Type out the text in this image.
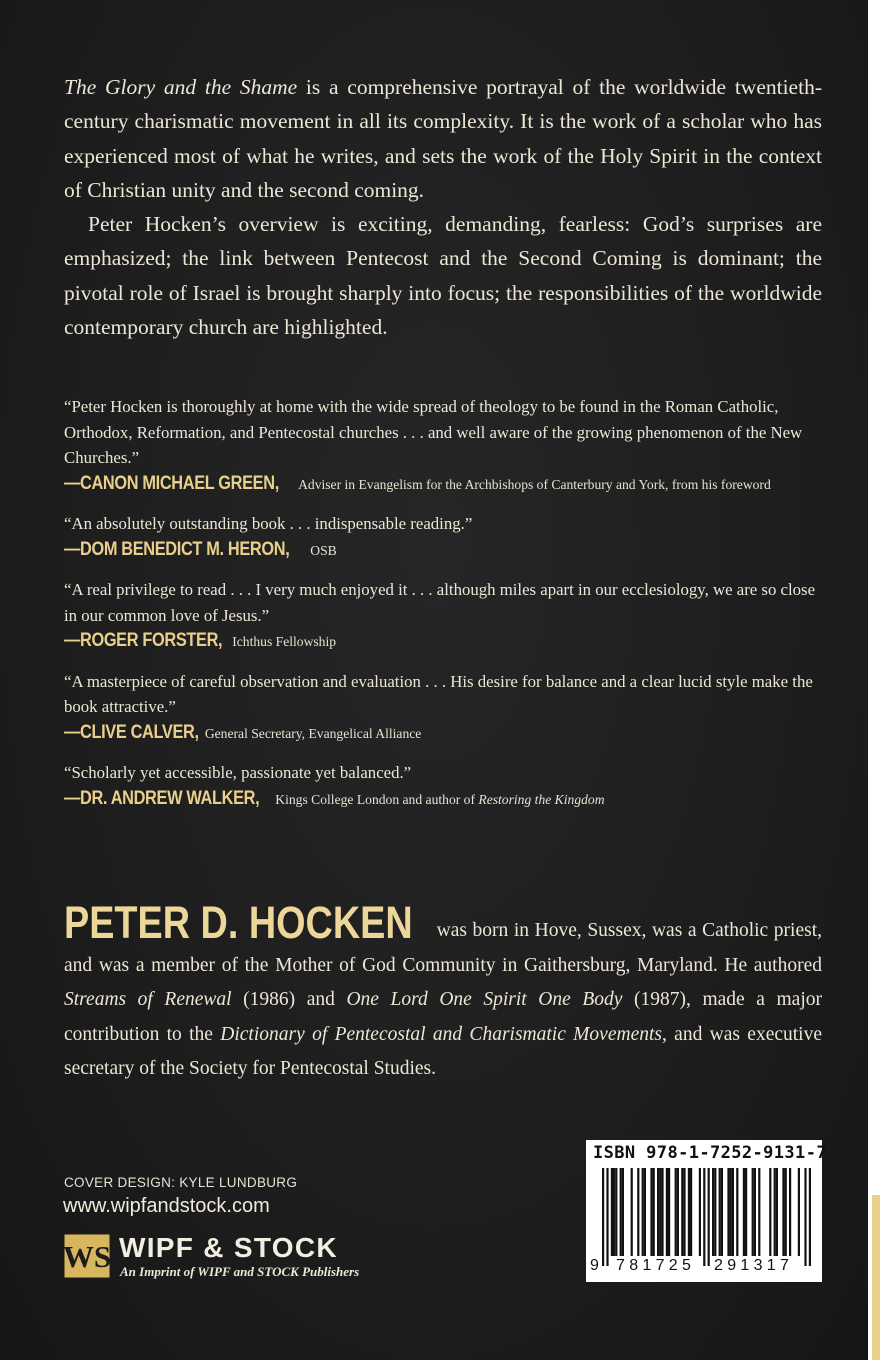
The Glory and the Shame is a comprehensive portrayal of the worldwide twentieth-century charismatic movement in all its complexity. It is the work of a scholar who has experienced most of what he writes, and sets the work of the Holy Spirit in the context of Christian unity and the second coming.

Peter Hocken’s overview is exciting, demanding, fearless: God’s surprises are emphasized; the link between Pentecost and the Second Coming is dominant; the pivotal role of Israel is brought sharply into focus; the responsibilities of the worldwide contemporary church are highlighted.

“Peter Hocken is thoroughly at home with the wide spread of theology to be found in the Roman Catholic, Orthodox, Reformation, and Pentecostal churches . . . and well aware of the growing phenomenon of the New Churches.”

—CANON MICHAEL GREEN, Adviser in Evangelism for the Archbishops of Canterbury and York, from his foreword

“An absolutely outstanding book . . . indispensable reading.”

—DOM BENEDICT M. HERON, OSB

“A real privilege to read . . . I very much enjoyed it . . . although miles apart in our ecclesiology, we are so close in our common love of Jesus.”

—ROGER FORSTER, Ichthus Fellowship

“A masterpiece of careful observation and evaluation . . . His desire for balance and a clear lucid style make the book attractive.”

—CLIVE CALVER, General Secretary, Evangelical Alliance

“Scholarly yet accessible, passionate yet balanced.”

—DR. ANDREW WALKER, Kings College London and author of Restoring the Kingdom

PETER D. HOCKEN was born in Hove, Sussex, was a Catholic priest, and was a member of the Mother of God Community in Gaithersburg, Maryland. He authored Streams of Renewal (1986) and One Lord One Spirit One Body (1987), made a major contribution to the Dictionary of Pentecostal and Charismatic Movements, and was executive secretary of the Society for Pentecostal Studies.

COVER DESIGN: KYLE LUNDBURG
www.wipfandstock.com
WS WIPF & STOCK
An Imprint of WIPF and STOCK Publishers
ISBN 978-1-7252-9131-7
9 781725 291317
